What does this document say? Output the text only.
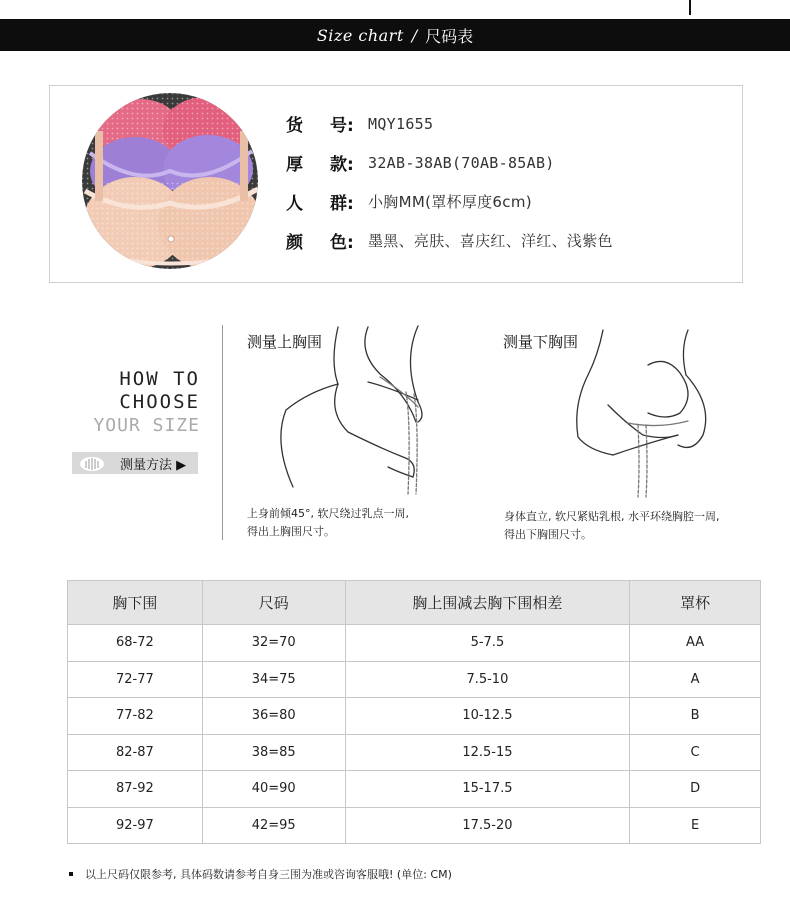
Size chart / 尺码表
货	号: MQY1655
厚	款: 32AB-38AB(70AB-85AB)
人	群: 小胸MM(罩杯厚度6cm)
颜	色: 墨黑、亮肤、喜庆红、洋红、浅紫色
HOW TO
CHOOSE
YOUR SIZE
测量方法 ▶
测量上胸围
上身前倾45°, 软尺绕过乳点一周,
得出上胸围尺寸。
测量下胸围
身体直立, 软尺紧贴乳根, 水平环绕胸腔一周,
得出下胸围尺寸。
胸下围	尺码	胸上围减去胸下围相差	罩杯
68-72	32=70	5-7.5	AA
72-77	34=75	7.5-10	A
77-82	36=80	10-12.5	B
82-87	38=85	12.5-15	C
87-92	40=90	15-17.5	D
92-97	42=95	17.5-20	E
以上尺码仅限参考, 具体码数请参考自身三围为准或咨询客服哦! (单位: CM)
